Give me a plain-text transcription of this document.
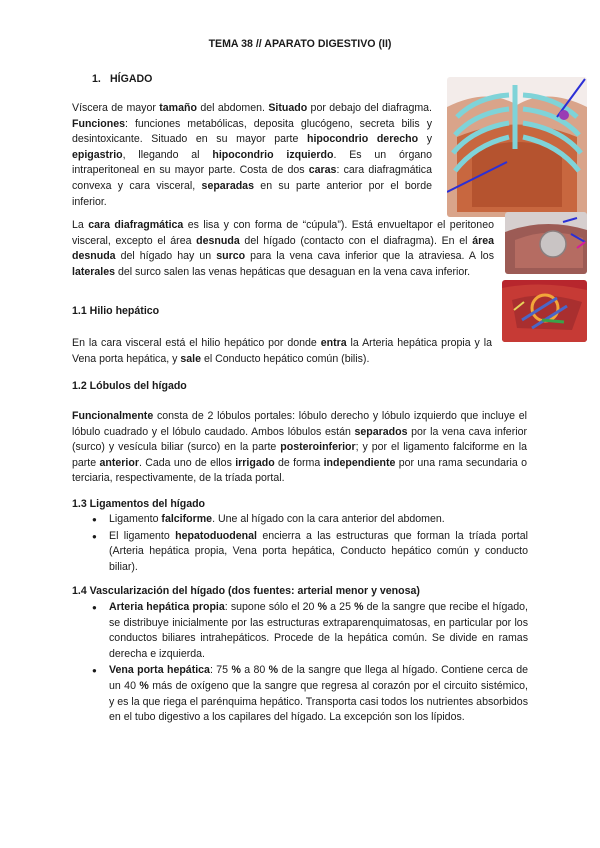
TEMA 38 // APARATO DIGESTIVO (II)
1. HÍGADO
Víscera de mayor tamaño del abdomen. Situado por debajo del diafragma. Funciones: funciones metabólicas, deposita glucógeno, secreta bilis y desintoxicante. Situado en su mayor parte hipocondrio derecho y epigastrio, llegando al hipocondrio izquierdo. Es un órgano intraperitoneal en su mayor parte. Costa de dos caras: cara diafragmática convexa y cara visceral, separadas en su parte anterior por el borde inferior.
La cara diafragmática es lisa y con forma de “cúpula”). Está envueltapor el peritoneo visceral, excepto el área desnuda del hígado (contacto con el diafragma). En el área desnuda del hígado hay un surco para la vena cava inferior que la atraviesa. A los laterales del surco salen las venas hepáticas que desaguan en la vena cava inferior.
1.1 Hilio hepático
En la cara visceral está el hilio hepático por donde entra la Arteria hepática propia y la Vena porta hepática, y sale el Conducto hepático común (bilis).
1.2 Lóbulos del hígado
Funcionalmente consta de 2 lóbulos portales: lóbulo derecho y lóbulo izquierdo que incluye el lóbulo cuadrado y el lóbulo caudado. Ambos lóbulos están separados por la vena cava inferior (surco) y vesícula biliar (surco) en la parte posteroinferior; y por el ligamento falciforme en la parte anterior. Cada uno de ellos irrigado de forma independiente por una rama secundaria o terciaria, respectivamente, de la tríada portal.
1.3 Ligamentos del hígado
● Ligamento falciforme. Une al hígado con la cara anterior del abdomen.
● El ligamento hepatoduodenal encierra a las estructuras que forman la tríada portal (Arteria hepática propia, Vena porta hepática, Conducto hepático común y conducto biliar).
1.4 Vascularización del hígado (dos fuentes: arterial menor y venosa)
● Arteria hepática propia: supone sólo el 20 % a 25 % de la sangre que recibe el hígado, se distribuye inicialmente por las estructuras extraparenquimatosas, en particular por los conductos biliares intrahepáticos. Procede de la hepática común. Se divide en ramas derecha e izquierda.
● Vena porta hepática: 75 % a 80 % de la sangre que llega al hígado. Contiene cerca de un 40 % más de oxígeno que la sangre que regresa al corazón por el circuito sistémico, y es la que riega el parénquima hepático. Transporta casi todos los nutrientes absorbidos en el tubo digestivo a los capilares del hígado. La excepción son los lípidos.
